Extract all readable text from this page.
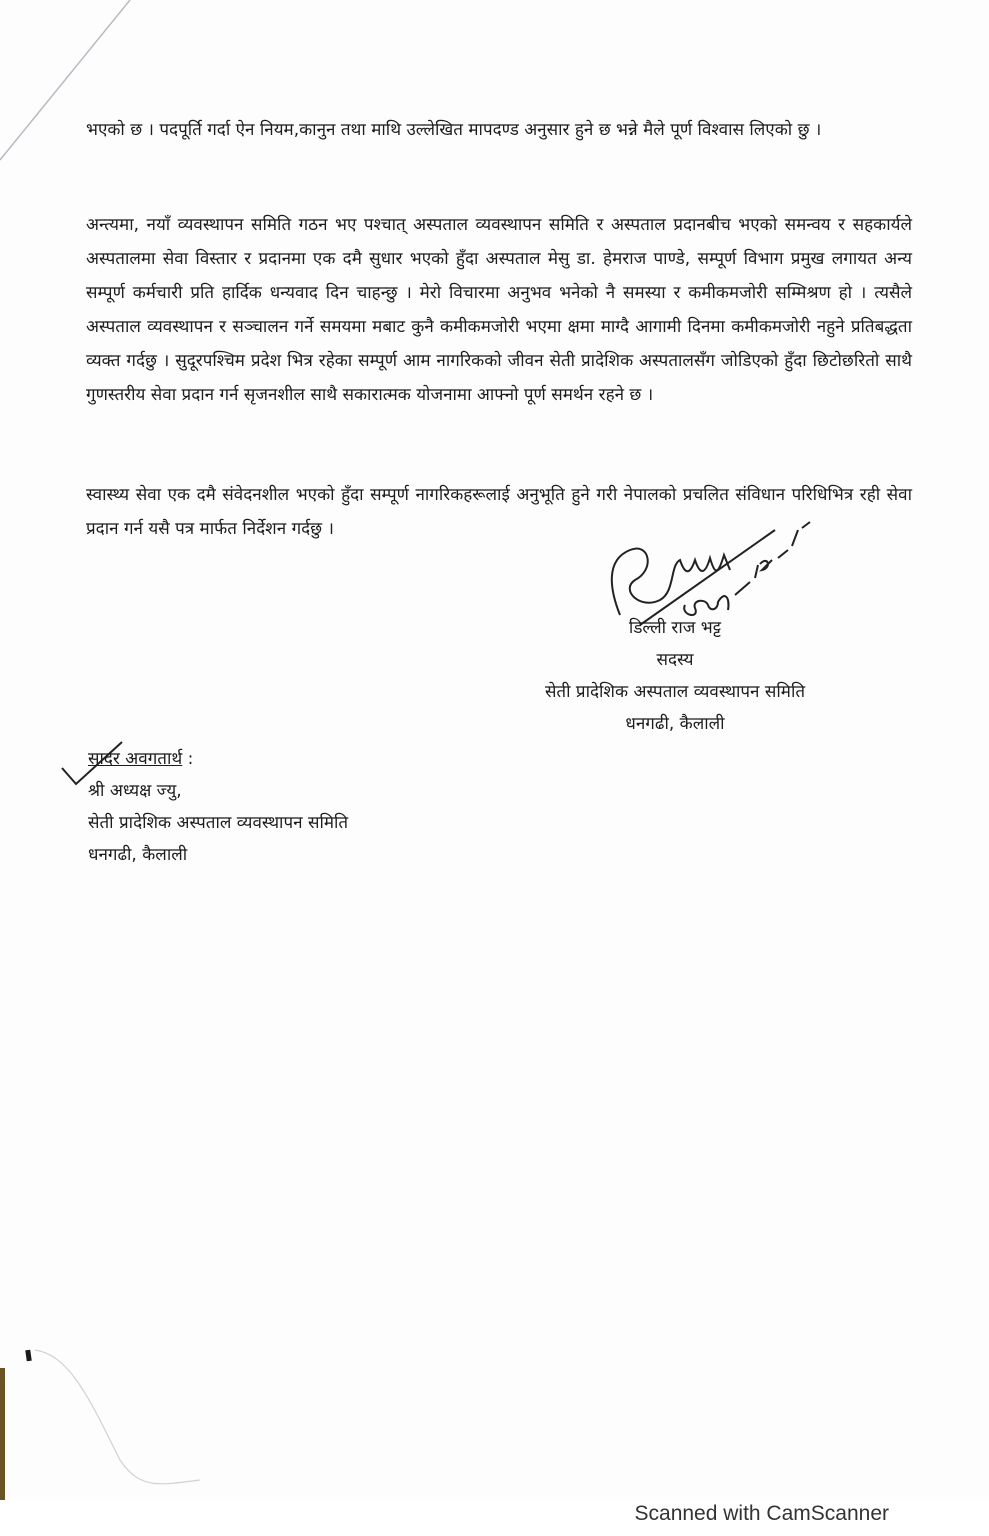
भएको छ । पदपूर्ति गर्दा ऐन नियम,कानुन तथा माथि उल्लेखित मापदण्ड अनुसार हुने छ भन्ने मैले पूर्ण विश्वास लिएको छु ।
अन्त्यमा, नयाँ व्यवस्थापन समिति गठन भए पश्चात् अस्पताल व्यवस्थापन समिति र अस्पताल प्रदानबीच भएको समन्वय र सहकार्यले अस्पतालमा सेवा विस्तार र प्रदानमा एक दमै सुधार भएको हुँदा अस्पताल मेसु डा. हेमराज पाण्डे, सम्पूर्ण विभाग प्रमुख लगायत अन्य सम्पूर्ण कर्मचारी प्रति हार्दिक धन्यवाद दिन चाहन्छु । मेरो विचारमा अनुभव भनेको नै समस्या र कमीकमजोरी सम्मिश्रण हो । त्यसैले अस्पताल व्यवस्थापन र सञ्चालन गर्ने समयमा मबाट कुनै कमीकमजोरी भएमा क्षमा माग्दै आगामी दिनमा कमीकमजोरी नहुने प्रतिबद्धता व्यक्त गर्दछु । सुदूरपश्चिम प्रदेश भित्र रहेका सम्पूर्ण आम नागरिकको जीवन सेती प्रादेशिक अस्पतालसँग जोडिएको हुँदा छिटोछरितो साथै गुणस्तरीय सेवा प्रदान गर्न सृजनशील साथै सकारात्मक योजनामा आफ्नो पूर्ण समर्थन रहने छ ।
स्वास्थ्य सेवा एक दमै संवेदनशील भएको हुँदा सम्पूर्ण नागरिकहरूलाई अनुभूति हुने गरी नेपालको प्रचलित संविधान परिधिभित्र रही सेवा प्रदान गर्न यसै पत्र मार्फत निर्देशन गर्दछु ।
डिल्ली राज भट्ट
सदस्य
सेती प्रादेशिक अस्पताल व्यवस्थापन समिति
धनगढी, कैलाली
सादर अवगतार्थ :
श्री अध्यक्ष ज्यु,
सेती प्रादेशिक अस्पताल व्यवस्थापन समिति
धनगढी, कैलाली
Scanned with CamScanner
